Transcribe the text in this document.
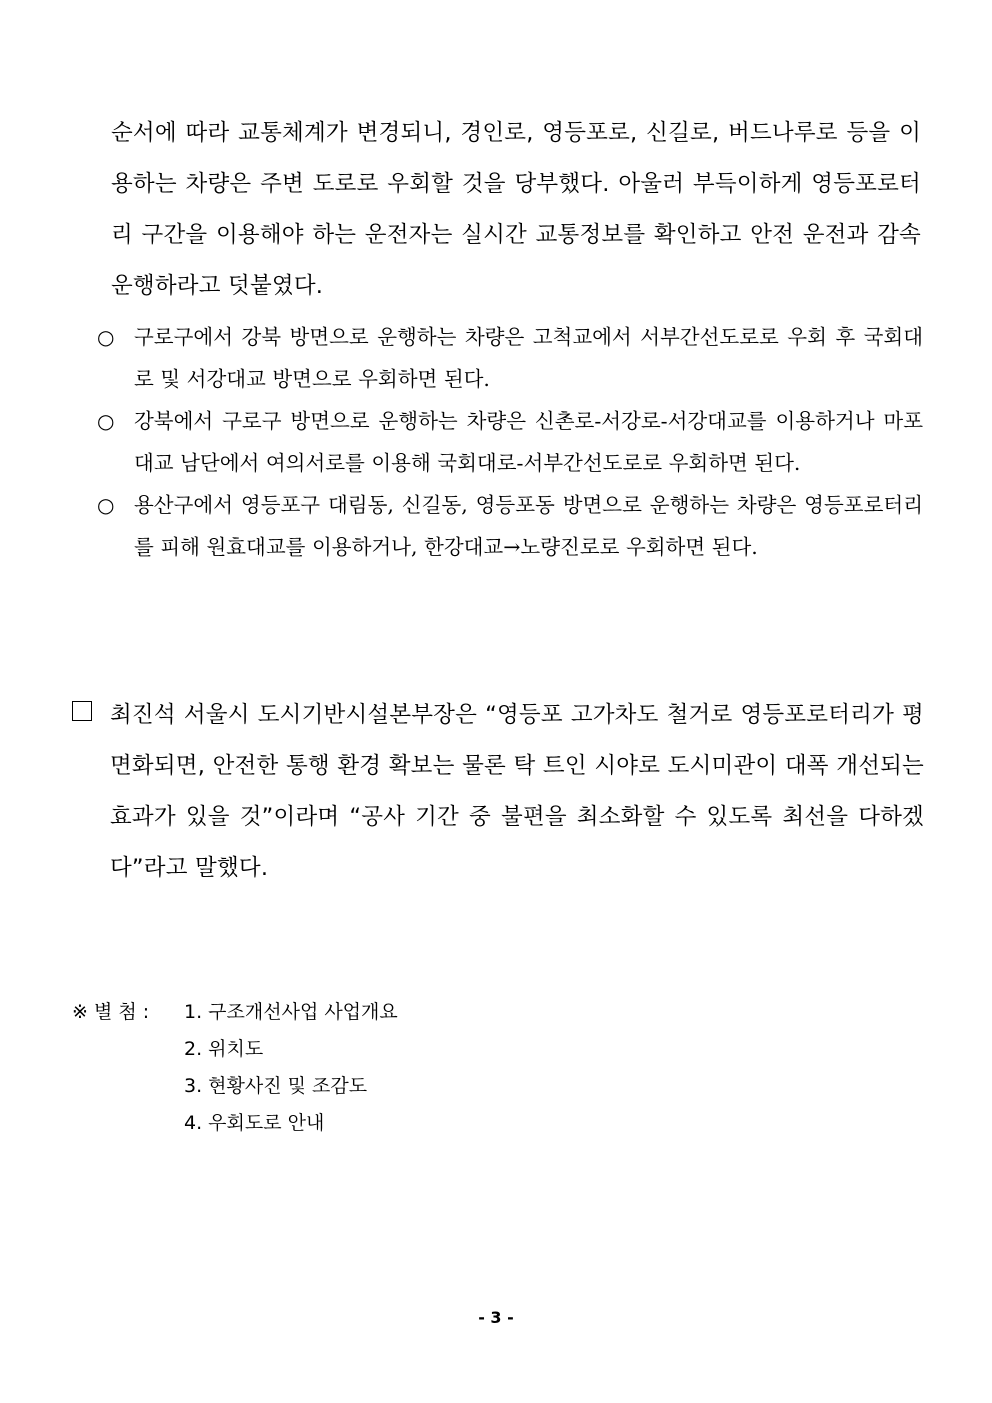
순서에 따라 교통체계가 변경되니, 경인로, 영등포로, 신길로, 버드나루로 등을 이용하는 차량은 주변 도로로 우회할 것을 당부했다. 아울러 부득이하게 영등포로터리 구간을 이용해야 하는 운전자는 실시간 교통정보를 확인하고 안전 운전과 감속 운행하라고 덧붙였다.
○ 구로구에서 강북 방면으로 운행하는 차량은 고척교에서 서부간선도로로 우회 후 국회대로 및 서강대교 방면으로 우회하면 된다.
○ 강북에서 구로구 방면으로 운행하는 차량은 신촌로-서강로-서강대교를 이용하거나 마포대교 남단에서 여의서로를 이용해 국회대로-서부간선도로로 우회하면 된다.
○ 용산구에서 영등포구 대림동, 신길동, 영등포동 방면으로 운행하는 차량은 영등포로터리를 피해 원효대교를 이용하거나, 한강대교→노량진로로 우회하면 된다.
최진석 서울시 도시기반시설본부장은 “영등포 고가차도 철거로 영등포로터리가 평면화되면, 안전한 통행 환경 확보는 물론 탁 트인 시야로 도시미관이 대폭 개선되는 효과가 있을 것”이라며 “공사 기간 중 불편을 최소화할 수 있도록 최선을 다하겠다”라고 말했다.
※ 별 첨 :	1. 구조개선사업 사업개요
2. 위치도
3. 현황사진 및 조감도
4. 우회도로 안내
- 3 -
